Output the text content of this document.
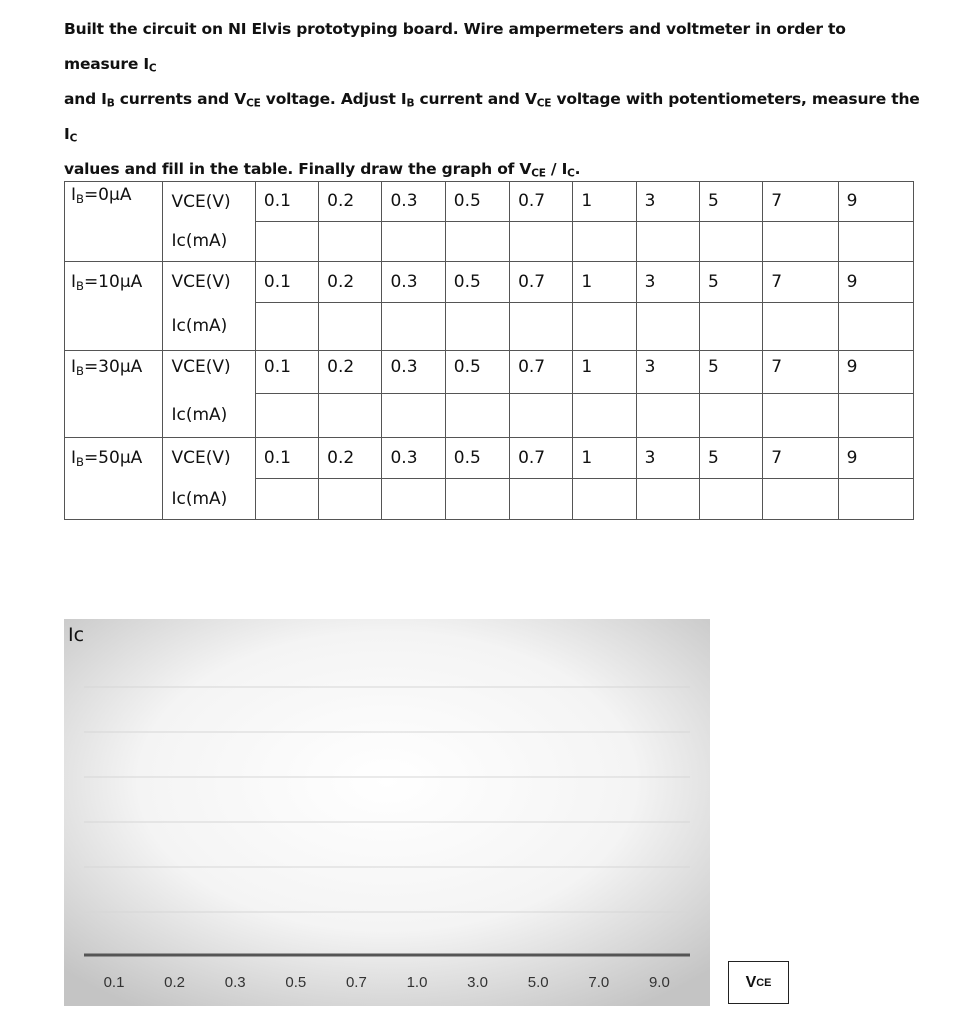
Built the circuit on NI Elvis prototyping board. Wire ampermeters and voltmeter in order to measure $I_C$

and $I_B$ currents and $V_{CE}$ voltage. Adjust $I_B$ current and $V_{CE}$ voltage with potentiometers, measure the $I_C$

values and fill in the table. Finally draw the graph of $V_{CE} / I_C$.

$I_B=0\mu A$	VCE(V)	0.1	0.2	0.3	0.5	0.7	1	3	5	7	9
	Ic(mA)										
$I_B=10\mu A$	VCE(V)	0.1	0.2	0.3	0.5	0.7	1	3	5	7	9
	Ic(mA)										
$I_B=30\mu A$	VCE(V)	0.1	0.2	0.3	0.5	0.7	1	3	5	7	9
	Ic(mA)										
$I_B=50\mu A$	VCE(V)	0.1	0.2	0.3	0.5	0.7	1	3	5	7	9
	Ic(mA)										
0.1	0.2	0.3	0.5	0.7	1.0	3.0	5.0	7.0	9.0
Ic
V CE
